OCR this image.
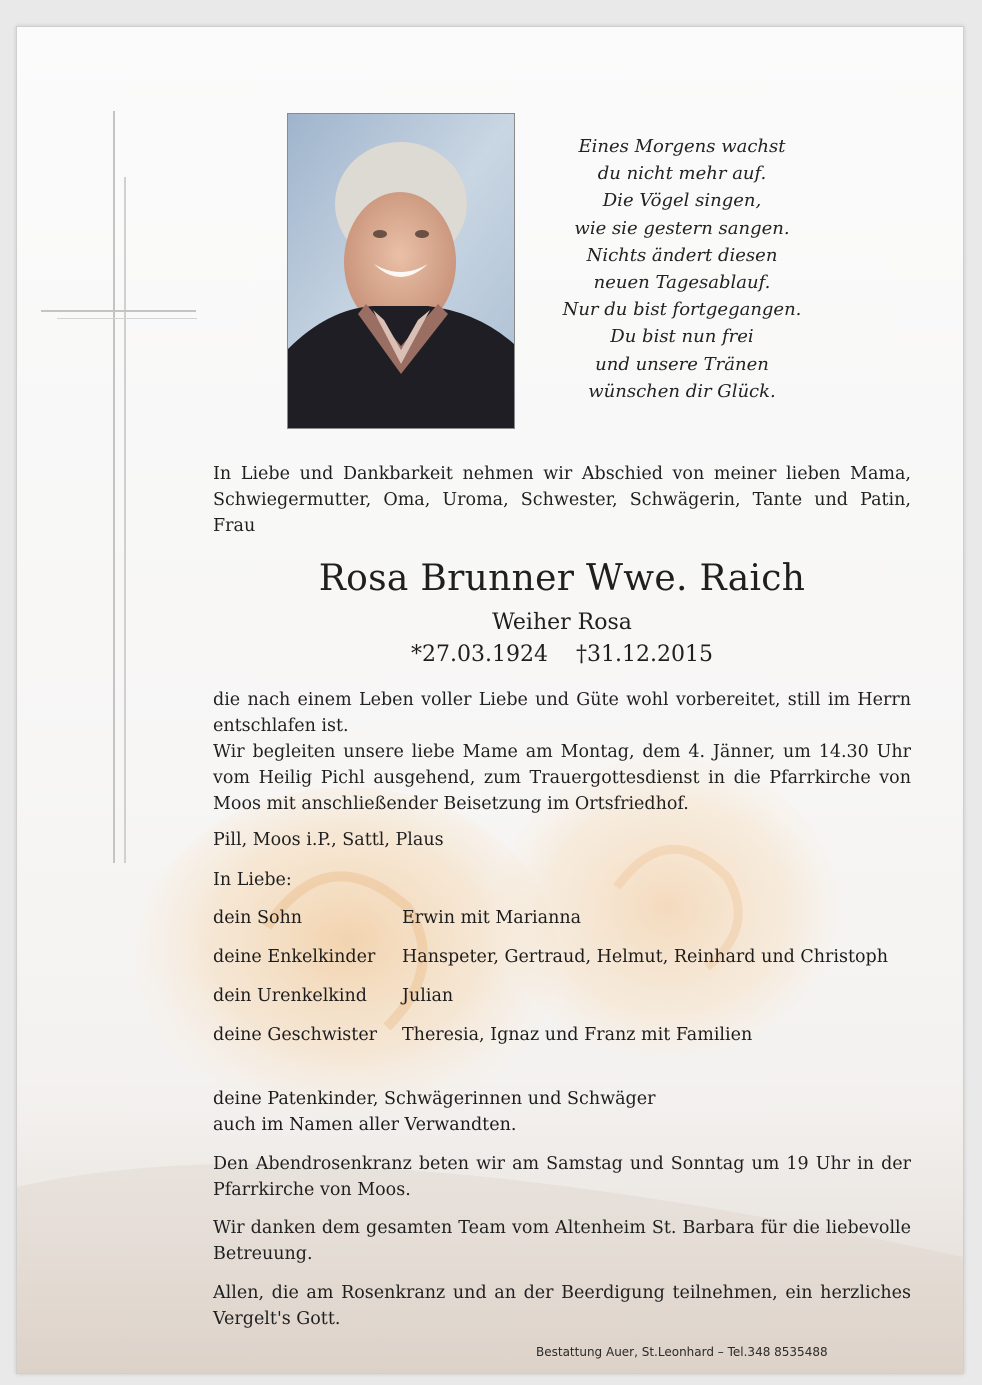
Eines Morgens wachst
du nicht mehr auf.
Die Vögel singen,
wie sie gestern sangen.
Nichts ändert diesen
neuen Tagesablauf.
Nur du bist fortgegangen.
Du bist nun frei
und unsere Tränen
wünschen dir Glück.
In Liebe und Dankbarkeit nehmen wir Abschied von meiner lieben Mama, Schwiegermutter, Oma, Uroma, Schwester, Schwägerin, Tante und Patin, Frau
Rosa Brunner Wwe. Raich
Weiher Rosa
*27.03.1924 †31.12.2015
die nach einem Leben voller Liebe und Güte wohl vorbereitet, still im Herrn entschlafen ist.
Wir begleiten unsere liebe Mame am Montag, dem 4. Jänner, um 14.30 Uhr vom Heilig Pichl ausgehend, zum Trauergottesdienst in die Pfarrkirche von Moos mit anschließender Beisetzung im Ortsfriedhof.
Pill, Moos i.P., Sattl, Plaus
In Liebe:
dein Sohn	Erwin mit Marianna
deine Enkelkinder	Hanspeter, Gertraud, Helmut, Reinhard und Christoph
dein Urenkelkind	Julian
deine Geschwister	Theresia, Ignaz und Franz mit Familien
deine Patenkinder, Schwägerinnen und Schwäger
auch im Namen aller Verwandten.
Den Abendrosenkranz beten wir am Samstag und Sonntag um 19 Uhr in der Pfarrkirche von Moos.
Wir danken dem gesamten Team vom Altenheim St. Barbara für die liebevolle Betreuung.
Allen, die am Rosenkranz und an der Beerdigung teilnehmen, ein herzliches Vergelt's Gott.
Bestattung Auer, St.Leonhard – Tel.348 8535488
